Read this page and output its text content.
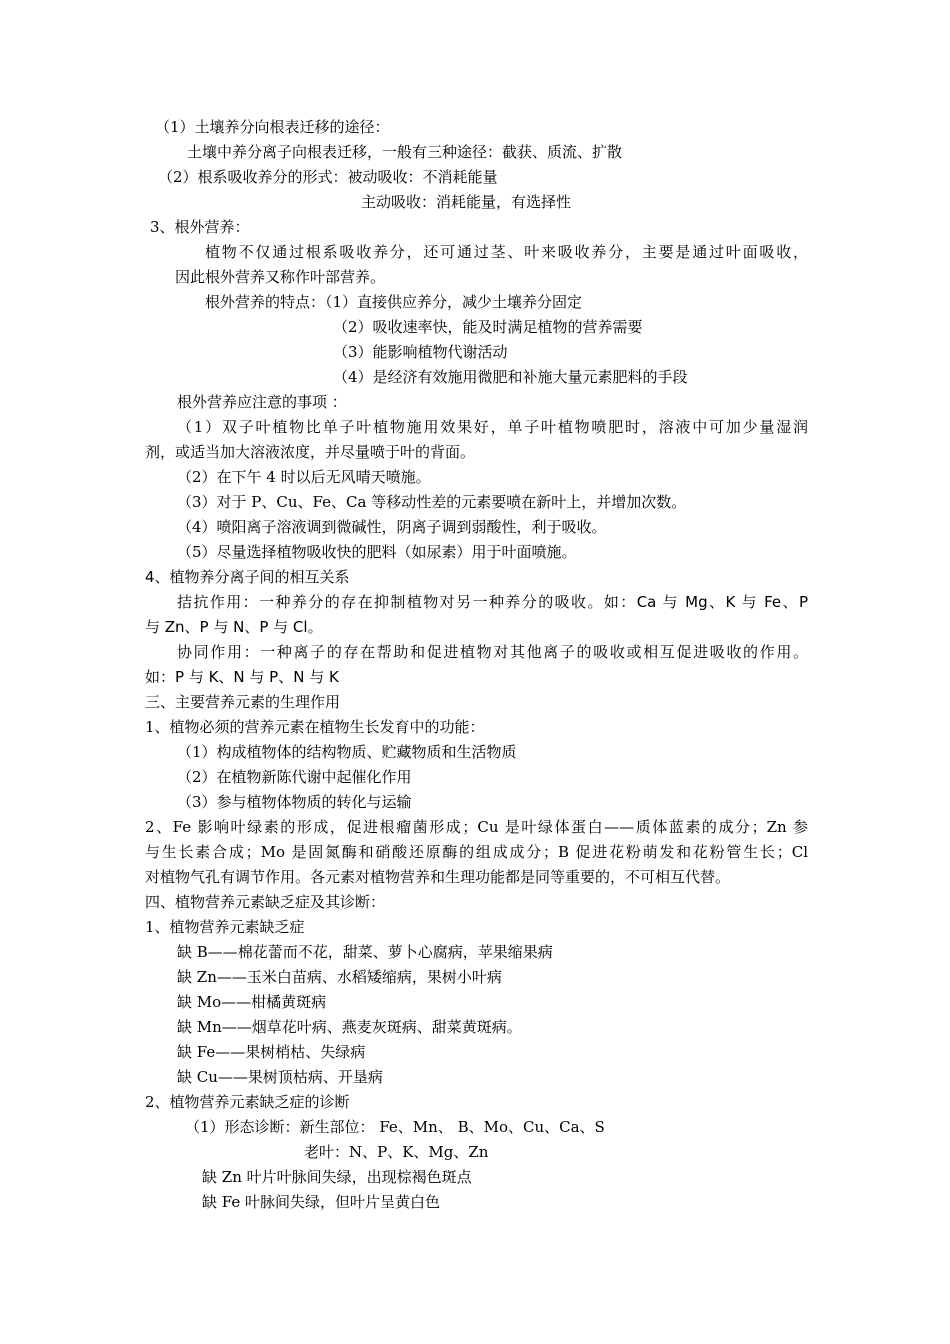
（1）土壤养分向根表迁移的途径：
土壤中养分离子向根表迁移，一般有三种途径：截获、质流、扩散
（2）根系吸收养分的形式：被动吸收：不消耗能量
主动吸收：消耗能量，有选择性
3、根外营养：
植物不仅通过根系吸收养分，还可通过茎、叶来吸收养分，主要是通过叶面吸收，
因此根外营养又称作叶部营养。
根外营养的特点：（1）直接供应养分，减少土壤养分固定
（2）吸收速率快，能及时满足植物的营养需要
（3）能影响植物代谢活动
（4）是经济有效施用微肥和补施大量元素肥料的手段
根外营养应注意的事项 ：
（1）双子叶植物比单子叶植物施用效果好，单子叶植物喷肥时，溶液中可加少量湿润
剂，或适当加大溶液浓度，并尽量喷于叶的背面。
（2）在下午 4 时以后无风晴天喷施。
（3）对于 P、Cu、Fe、Ca 等移动性差的元素要喷在新叶上，并增加次数。
（4）喷阳离子溶液调到微碱性，阴离子调到弱酸性，利于吸收。
（5）尽量选择植物吸收快的肥料（如尿素）用于叶面喷施。
4、植物养分离子间的相互关系
拮抗作用：一种养分的存在抑制植物对另一种养分的吸收。如：Ca 与 Mg、K 与 Fe、P
与 Zn、P 与 N、P 与 Cl。
协同作用：一种离子的存在帮助和促进植物对其他离子的吸收或相互促进吸收的作用。
如：P 与 K、N 与 P、N 与 K
三、主要营养元素的生理作用
1、植物必须的营养元素在植物生长发育中的功能：
（1）构成植物体的结构物质、贮藏物质和生活物质
（2）在植物新陈代谢中起催化作用
（3）参与植物体物质的转化与运输
2、Fe 影响叶绿素的形成，促进根瘤菌形成；Cu 是叶绿体蛋白——质体蓝素的成分；Zn 参
与生长素合成；Mo 是固氮酶和硝酸还原酶的组成成分；B 促进花粉萌发和花粉管生长；Cl
对植物气孔有调节作用。各元素对植物营养和生理功能都是同等重要的，不可相互代替。
四、植物营养元素缺乏症及其诊断：
1、植物营养元素缺乏症
缺 B——棉花蕾而不花，甜菜、萝卜心腐病，苹果缩果病
缺 Zn——玉米白苗病、水稻矮缩病，果树小叶病
缺 Mo——柑橘黄斑病
缺 Mn——烟草花叶病、燕麦灰斑病、甜菜黄斑病。
缺 Fe——果树梢枯、失绿病
缺 Cu——果树顶枯病、开垦病
2、植物营养元素缺乏症的诊断
（1）形态诊断：新生部位： Fe、Mn、 B、Mo、Cu、Ca、S
老叶：N、P、K、Mg、Zn
缺 Zn 叶片叶脉间失绿，出现棕褐色斑点
缺 Fe 叶脉间失绿，但叶片呈黄白色
